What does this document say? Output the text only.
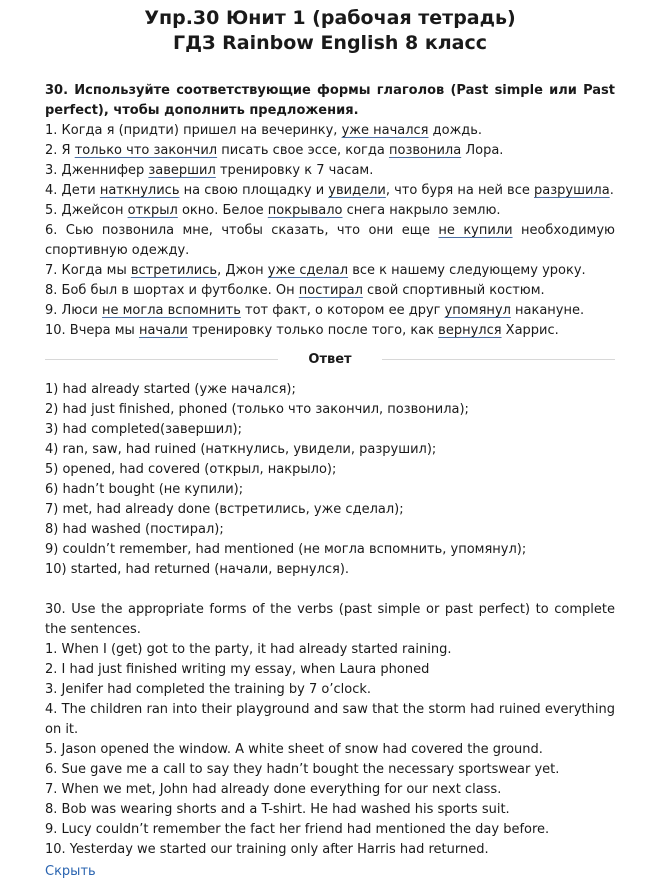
Упр.30 Юнит 1 (рабочая тетрадь)
ГДЗ Rainbow English 8 класс

30. Используйте соответствующие формы глаголов (Past simple или Past perfect), чтобы дополнить предложения.

1. Когда я (придти) пришел на вечеринку, уже начался дождь.

2. Я только что закончил писать свое эссе, когда позвонила Лора.

3. Дженнифер завершил тренировку к 7 часам.

4. Дети наткнулись на свою площадку и увидели, что буря на ней все разрушила.

5. Джейсон открыл окно. Белое покрывало снега накрыло землю.

6. Сью позвонила мне, чтобы сказать, что они еще не купили необходимую спортивную одежду.

7. Когда мы встретились, Джон уже сделал все к нашему следующему уроку.

8. Боб был в шортах и футболке. Он постирал свой спортивный костюм.

9. Люси не могла вспомнить тот факт, о котором ее друг упомянул накануне.

10. Вчера мы начали тренировку только после того, как вернулся Харрис.

Ответ

1) had already started (уже начался);

2) had just finished, phoned (только что закончил, позвонила);

3) had completed(завершил);

4) ran, saw, had ruined (наткнулись, увидели, разрушил);

5) opened, had covered (открыл, накрыло);

6) hadn’t bought (не купили);

7) met, had already done (встретились, уже сделал);

8) had washed (постирал);

9) couldn’t remember, had mentioned (не могла вспомнить, упомянул);

10) started, had returned (начали, вернулся).

30. Use the appropriate forms of the verbs (past simple or past perfect) to complete the sentences.

1. When I (get) got to the party, it had already started raining.

2. I had just finished writing my essay, when Laura phoned

3. Jenifer had completed the training by 7 o’clock.

4. The children ran into their playground and saw that the storm had ruined everything on it.

5. Jason opened the window. A white sheet of snow had covered the ground.

6. Sue gave me a call to say they hadn’t bought the necessary sportswear yet.

7. When we met, John had already done everything for our next class.

8. Bob was wearing shorts and a T-shirt. He had washed his sports suit.

9. Lucy couldn’t remember the fact her friend had mentioned the day before.

10. Yesterday we started our training only after Harris had returned.

Скрыть
